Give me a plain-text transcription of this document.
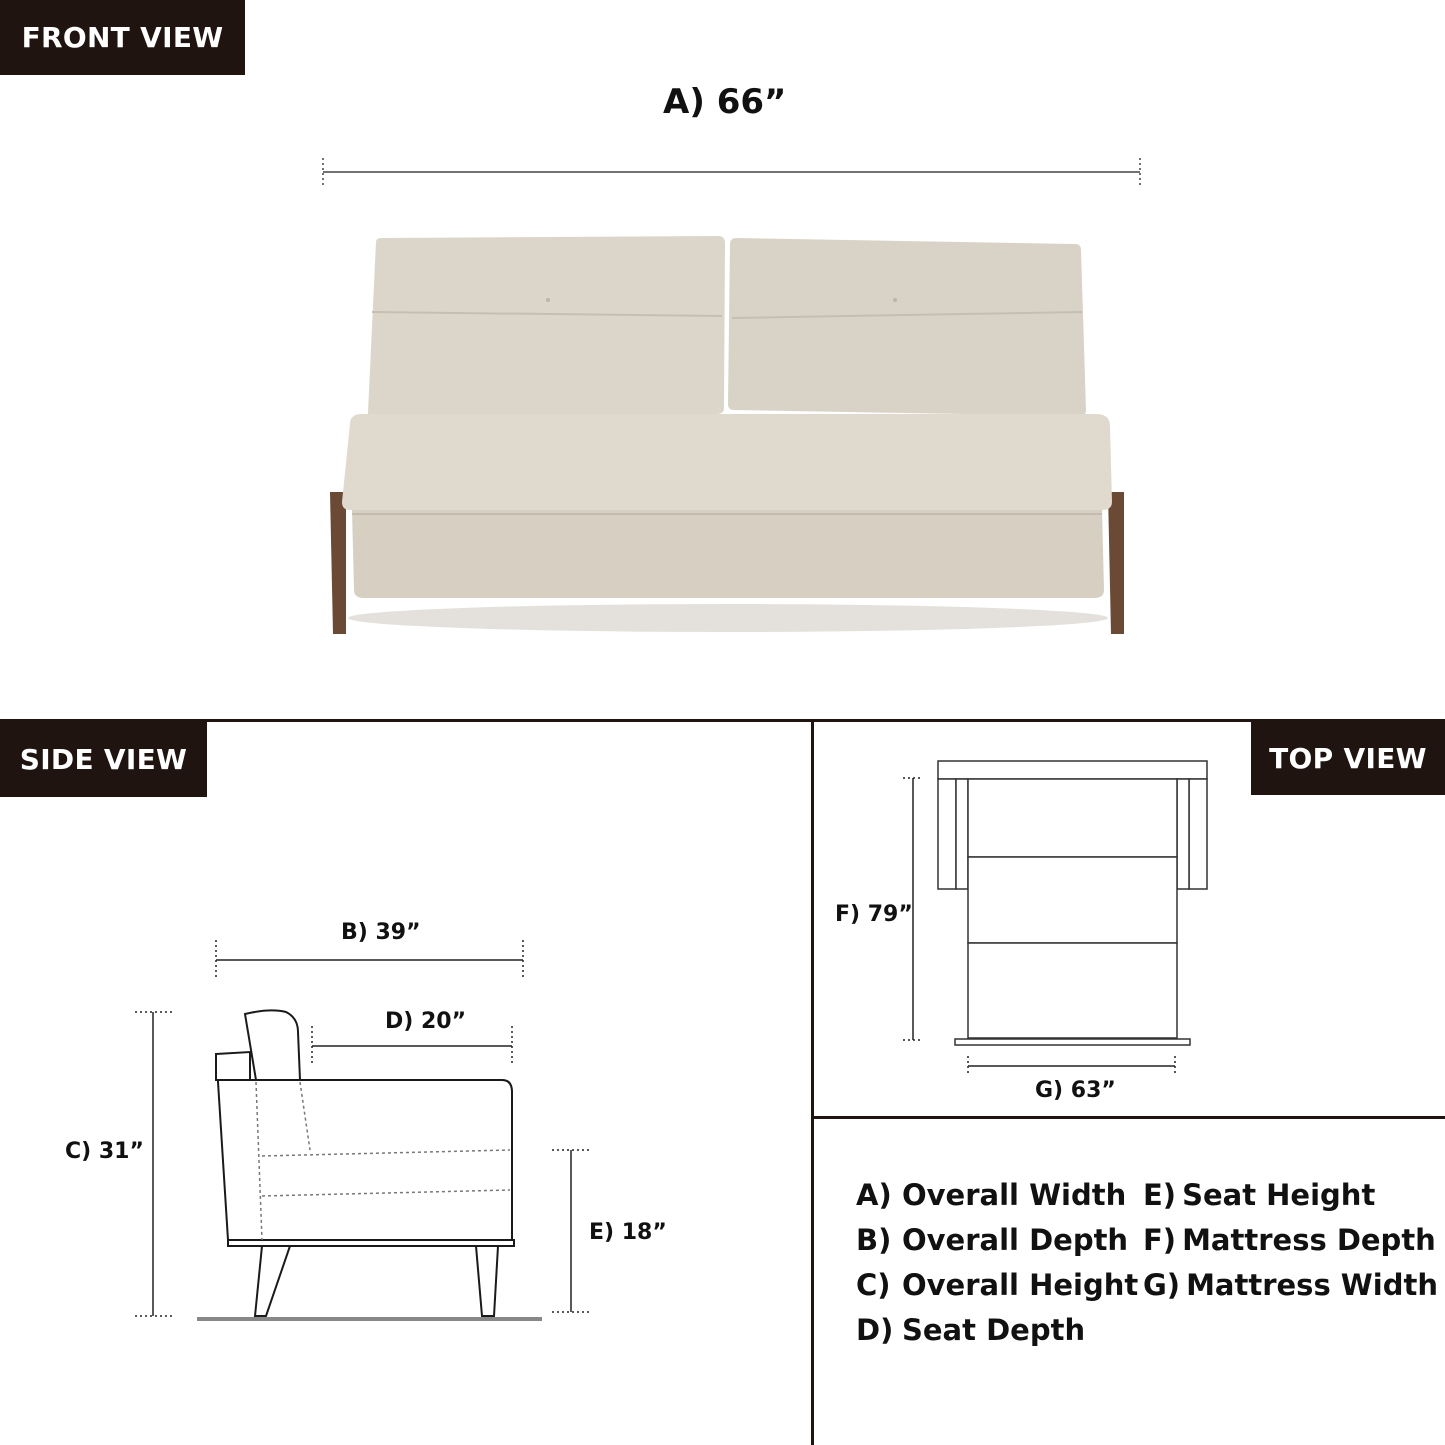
FRONT VIEW
A) 66”
SIDE VIEW
B) 39”
D) 20”
C) 31”
E) 18”
TOP VIEW
F) 79”
G) 63”
A) Overall Width
B) Overall Depth
C) Overall Height
D) Seat Depth
E) Seat Height
F) Mattress Depth
G) Mattress Width
